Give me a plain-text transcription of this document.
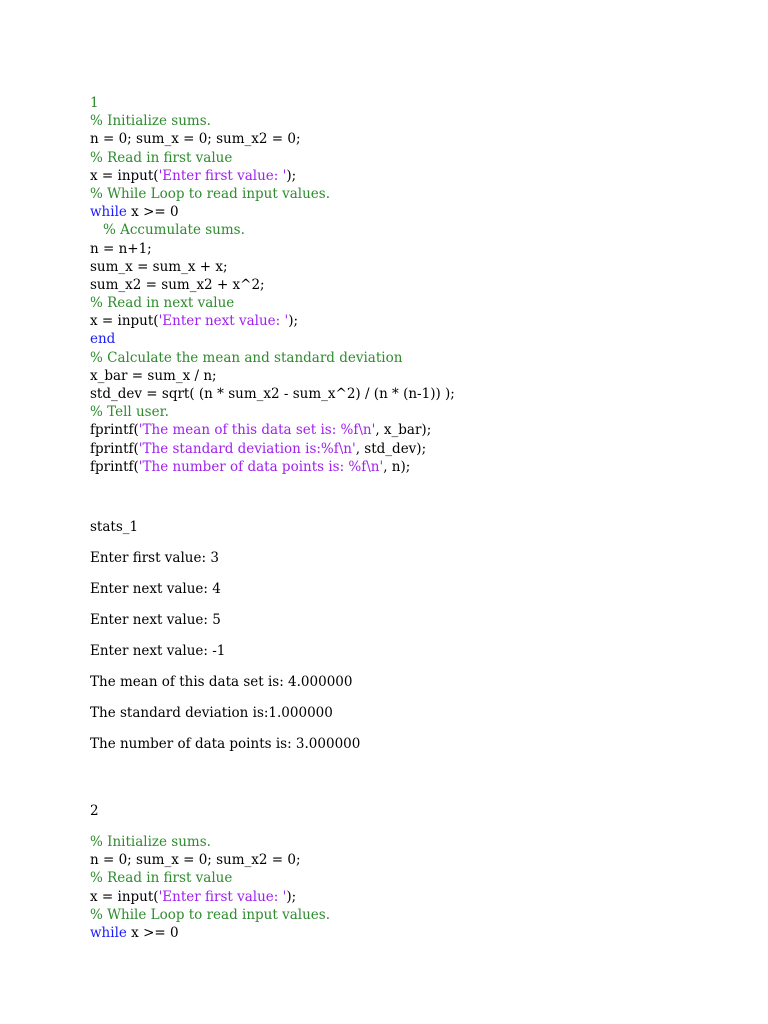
1
% Initialize sums.
n = 0; sum_x = 0; sum_x2 = 0;
% Read in first value
x = input('Enter first value: ');
% While Loop to read input values.
while x >= 0
% Accumulate sums.
n = n+1;
sum_x = sum_x + x;
sum_x2 = sum_x2 + x^2;
% Read in next value
x = input('Enter next value: ');
end
% Calculate the mean and standard deviation
x_bar = sum_x / n;
std_dev = sqrt( (n * sum_x2 - sum_x^2) / (n * (n-1)) );
% Tell user.
fprintf('The mean of this data set is: %f\n', x_bar);
fprintf('The standard deviation is:%f\n', std_dev);
fprintf('The number of data points is: %f\n', n);
stats_1
Enter first value: 3
Enter next value: 4
Enter next value: 5
Enter next value: -1
The mean of this data set is: 4.000000
The standard deviation is:1.000000
The number of data points is: 3.000000
2
% Initialize sums.
n = 0; sum_x = 0; sum_x2 = 0;
% Read in first value
x = input('Enter first value: ');
% While Loop to read input values.
while x >= 0
